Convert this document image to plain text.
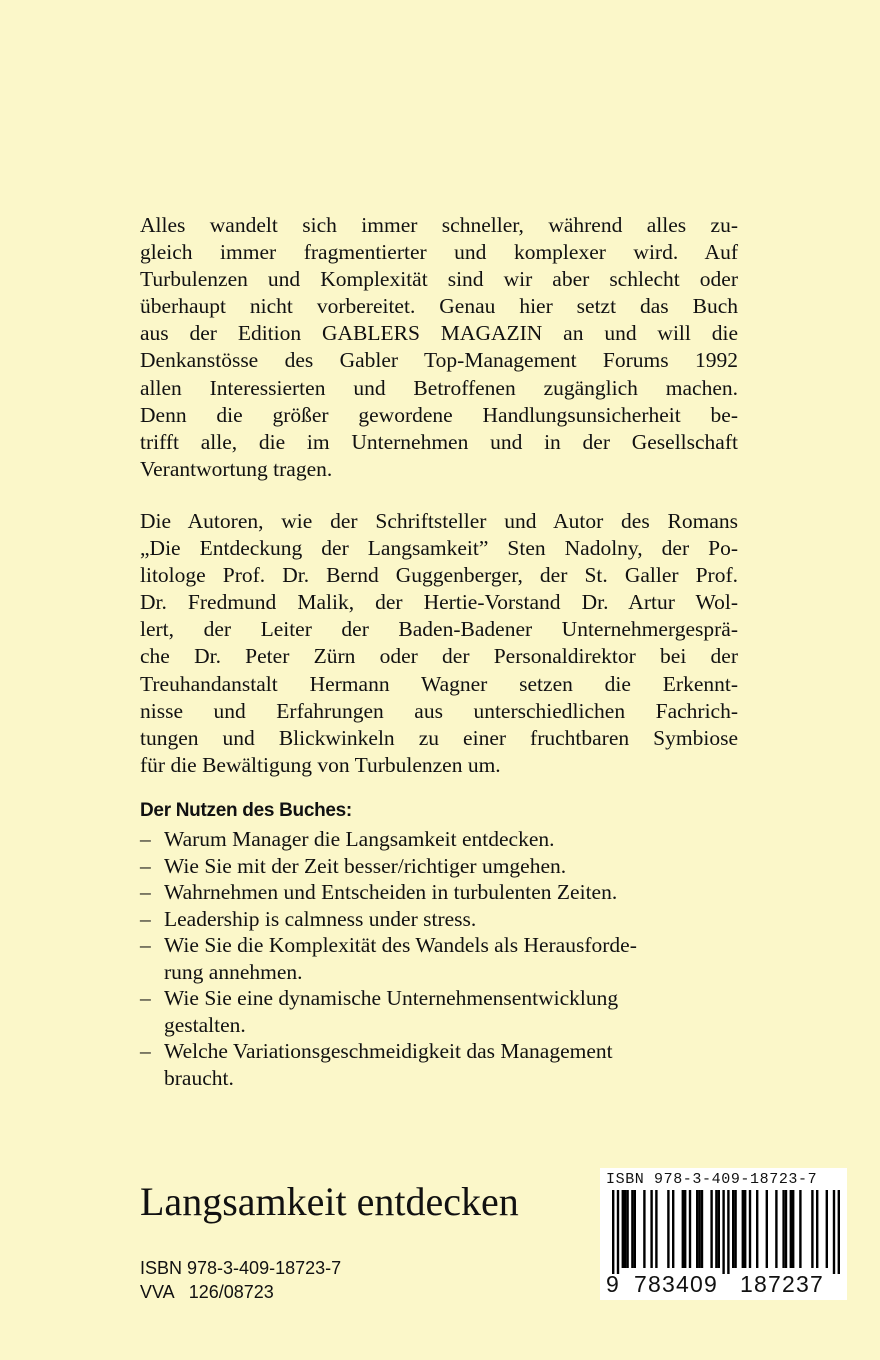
Alles wandelt sich immer schneller, während alles zu-
gleich immer fragmentierter und komplexer wird. Auf
Turbulenzen und Komplexität sind wir aber schlecht oder
überhaupt nicht vorbereitet. Genau hier setzt das Buch
aus der Edition GABLERS MAGAZIN an und will die
Denkanstösse des Gabler Top-Management Forums 1992
allen Interessierten und Betroffenen zugänglich machen.
Denn die größer gewordene Handlungsunsicherheit be-
trifft alle, die im Unternehmen und in der Gesellschaft
Verantwortung tragen.
Die Autoren, wie der Schriftsteller und Autor des Romans
„Die Entdeckung der Langsamkeit” Sten Nadolny, der Po-
litologe Prof. Dr. Bernd Guggenberger, der St. Galler Prof.
Dr. Fredmund Malik, der Hertie-Vorstand Dr. Artur Wol-
lert, der Leiter der Baden-Badener Unternehmergesprä-
che Dr. Peter Zürn oder der Personaldirektor bei der
Treuhandanstalt Hermann Wagner setzen die Erkennt-
nisse und Erfahrungen aus unterschiedlichen Fachrich-
tungen und Blickwinkeln zu einer fruchtbaren Symbiose
für die Bewältigung von Turbulenzen um.
Der Nutzen des Buches:
– Warum Manager die Langsamkeit entdecken.
– Wie Sie mit der Zeit besser/richtiger umgehen.
– Wahrnehmen und Entscheiden in turbulenten Zeiten.
– Leadership is calmness under stress.
– Wie Sie die Komplexität des Wandels als Herausforde-
rung annehmen.
– Wie Sie eine dynamische Unternehmensentwicklung
gestalten.
– Welche Variationsgeschmeidigkeit das Management
braucht.
Langsamkeit entdecken
ISBN 978-3-409-18723-7
VVA 126/08723
ISBN 978-3-409-18723-7
9 783409 187237
